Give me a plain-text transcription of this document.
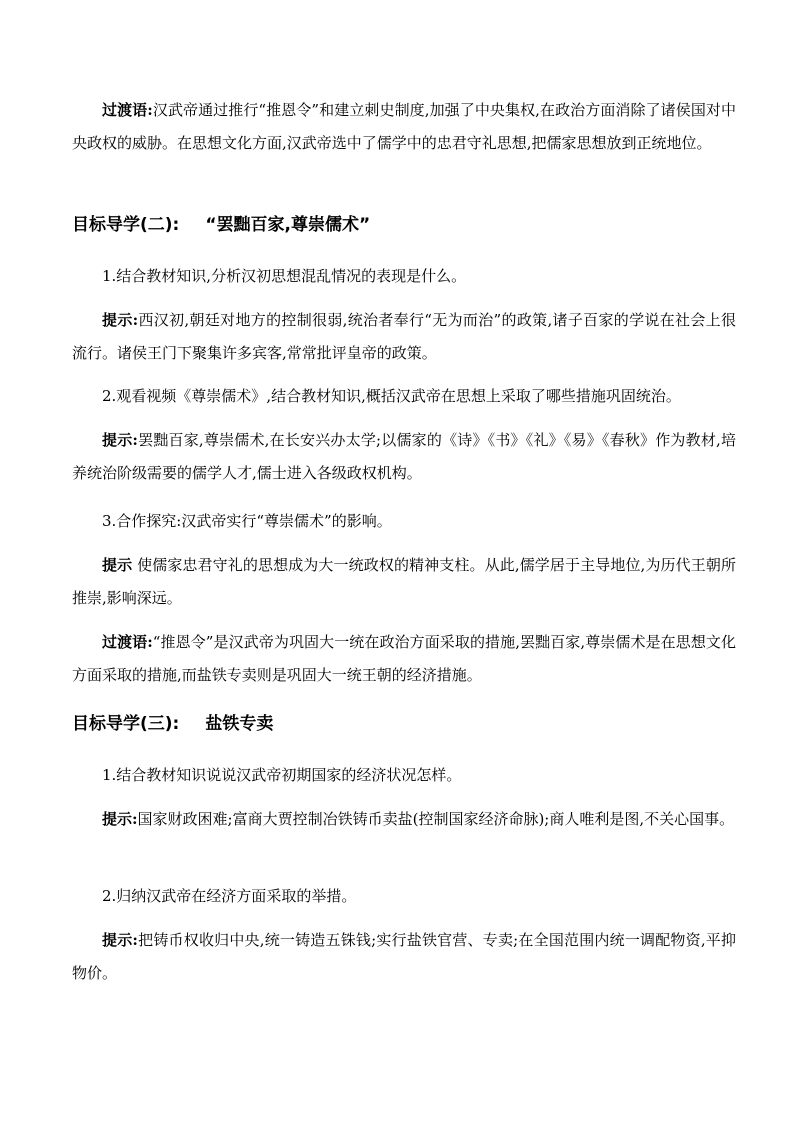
过渡语:汉武帝通过推行“推恩令”和建立刺史制度,加强了中央集权,在政治方面消除了诸侯国对中央政权的威胁。在思想文化方面,汉武帝选中了儒学中的忠君守礼思想,把儒家思想放到正统地位。

目标导学(二): “罢黜百家,尊崇儒术”

1.结合教材知识,分析汉初思想混乱情况的表现是什么。

提示:西汉初,朝廷对地方的控制很弱,统治者奉行“无为而治”的政策,诸子百家的学说在社会上很流行。诸侯王门下聚集许多宾客,常常批评皇帝的政策。

2.观看视频《尊崇儒术》,结合教材知识,概括汉武帝在思想上采取了哪些措施巩固统治。

提示:罢黜百家,尊崇儒术,在长安兴办太学;以儒家的《诗》《书》《礼》《易》《春秋》作为教材,培养统治阶级需要的儒学人才,儒士进入各级政权机构。

3.合作探究:汉武帝实行“尊崇儒术”的影响。

提示 使儒家忠君守礼的思想成为大一统政权的精神支柱。从此,儒学居于主导地位,为历代王朝所推崇,影响深远。

过渡语:“推恩令”是汉武帝为巩固大一统在政治方面采取的措施,罢黜百家,尊崇儒术是在思想文化方面采取的措施,而盐铁专卖则是巩固大一统王朝的经济措施。

目标导学(三): 盐铁专卖

1.结合教材知识说说汉武帝初期国家的经济状况怎样。

提示:国家财政困难;富商大贾控制冶铁铸币卖盐(控制国家经济命脉);商人唯利是图,不关心国事。

2.归纳汉武帝在经济方面采取的举措。

提示:把铸币权收归中央,统一铸造五铢钱;实行盐铁官营、专卖;在全国范围内统一调配物资,平抑物价。
